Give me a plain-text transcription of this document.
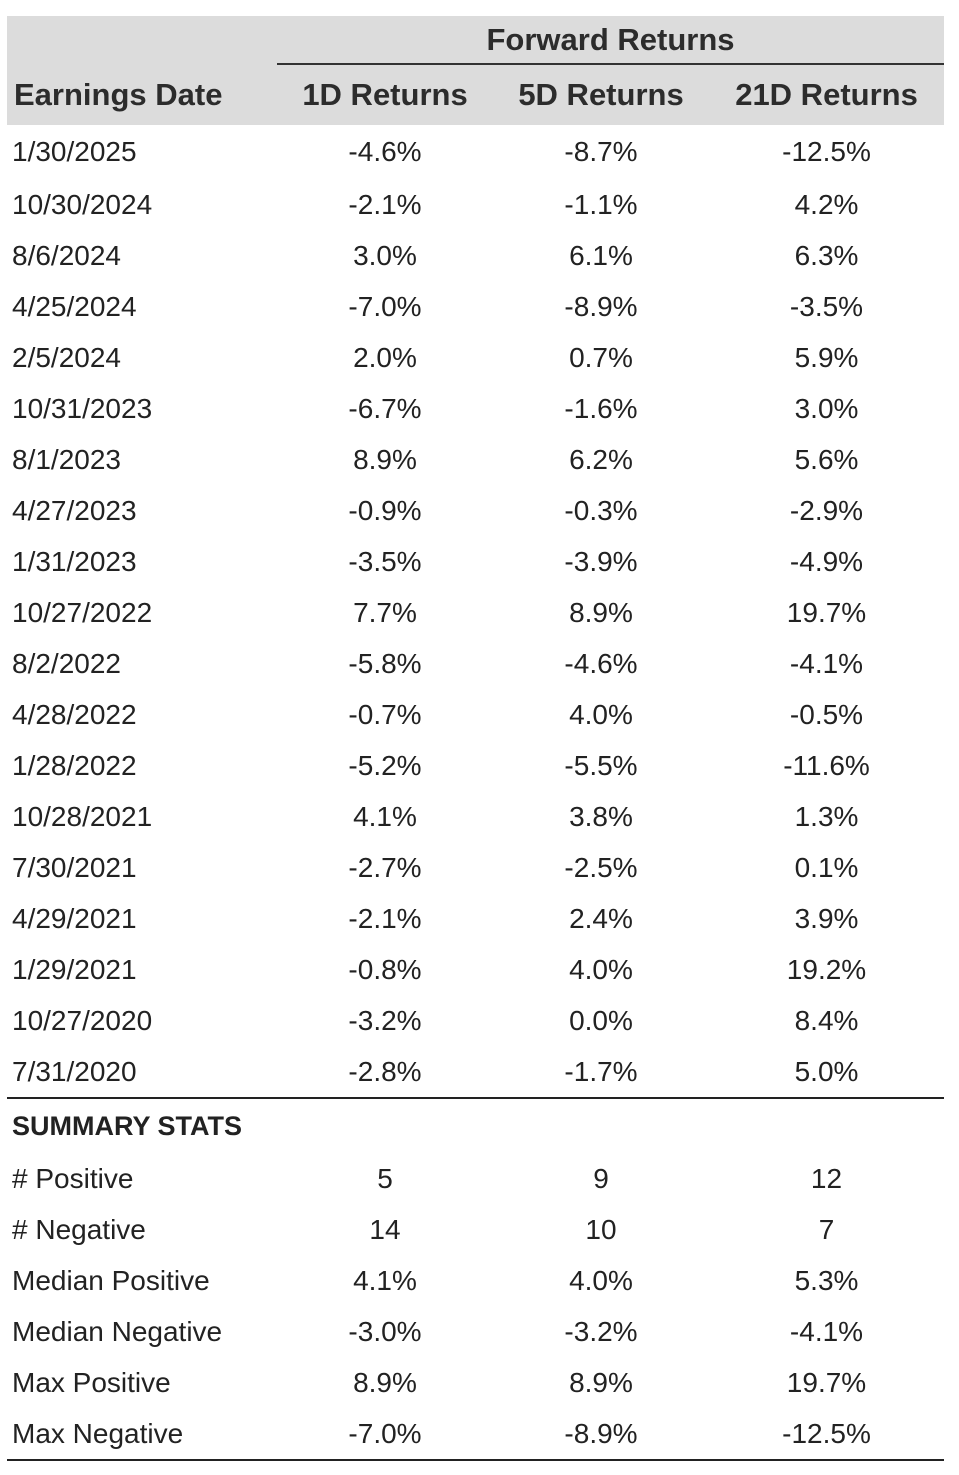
	Forward Returns		
Earnings Date	1D Returns	5D Returns	21D Returns
1/30/2025	-4.6%	-8.7%	-12.5%
10/30/2024	-2.1%	-1.1%	4.2%
8/6/2024	3.0%	6.1%	6.3%
4/25/2024	-7.0%	-8.9%	-3.5%
2/5/2024	2.0%	0.7%	5.9%
10/31/2023	-6.7%	-1.6%	3.0%
8/1/2023	8.9%	6.2%	5.6%
4/27/2023	-0.9%	-0.3%	-2.9%
1/31/2023	-3.5%	-3.9%	-4.9%
10/27/2022	7.7%	8.9%	19.7%
8/2/2022	-5.8%	-4.6%	-4.1%
4/28/2022	-0.7%	4.0%	-0.5%
1/28/2022	-5.2%	-5.5%	-11.6%
10/28/2021	4.1%	3.8%	1.3%
7/30/2021	-2.7%	-2.5%	0.1%
4/29/2021	-2.1%	2.4%	3.9%
1/29/2021	-0.8%	4.0%	19.2%
10/27/2020	-3.2%	0.0%	8.4%
7/31/2020	-2.8%	-1.7%	5.0%
SUMMARY STATS			
# Positive	5	9	12
# Negative	14	10	7
Median Positive	4.1%	4.0%	5.3%
Median Negative	-3.0%	-3.2%	-4.1%
Max Positive	8.9%	8.9%	19.7%
Max Negative	-7.0%	-8.9%	-12.5%
